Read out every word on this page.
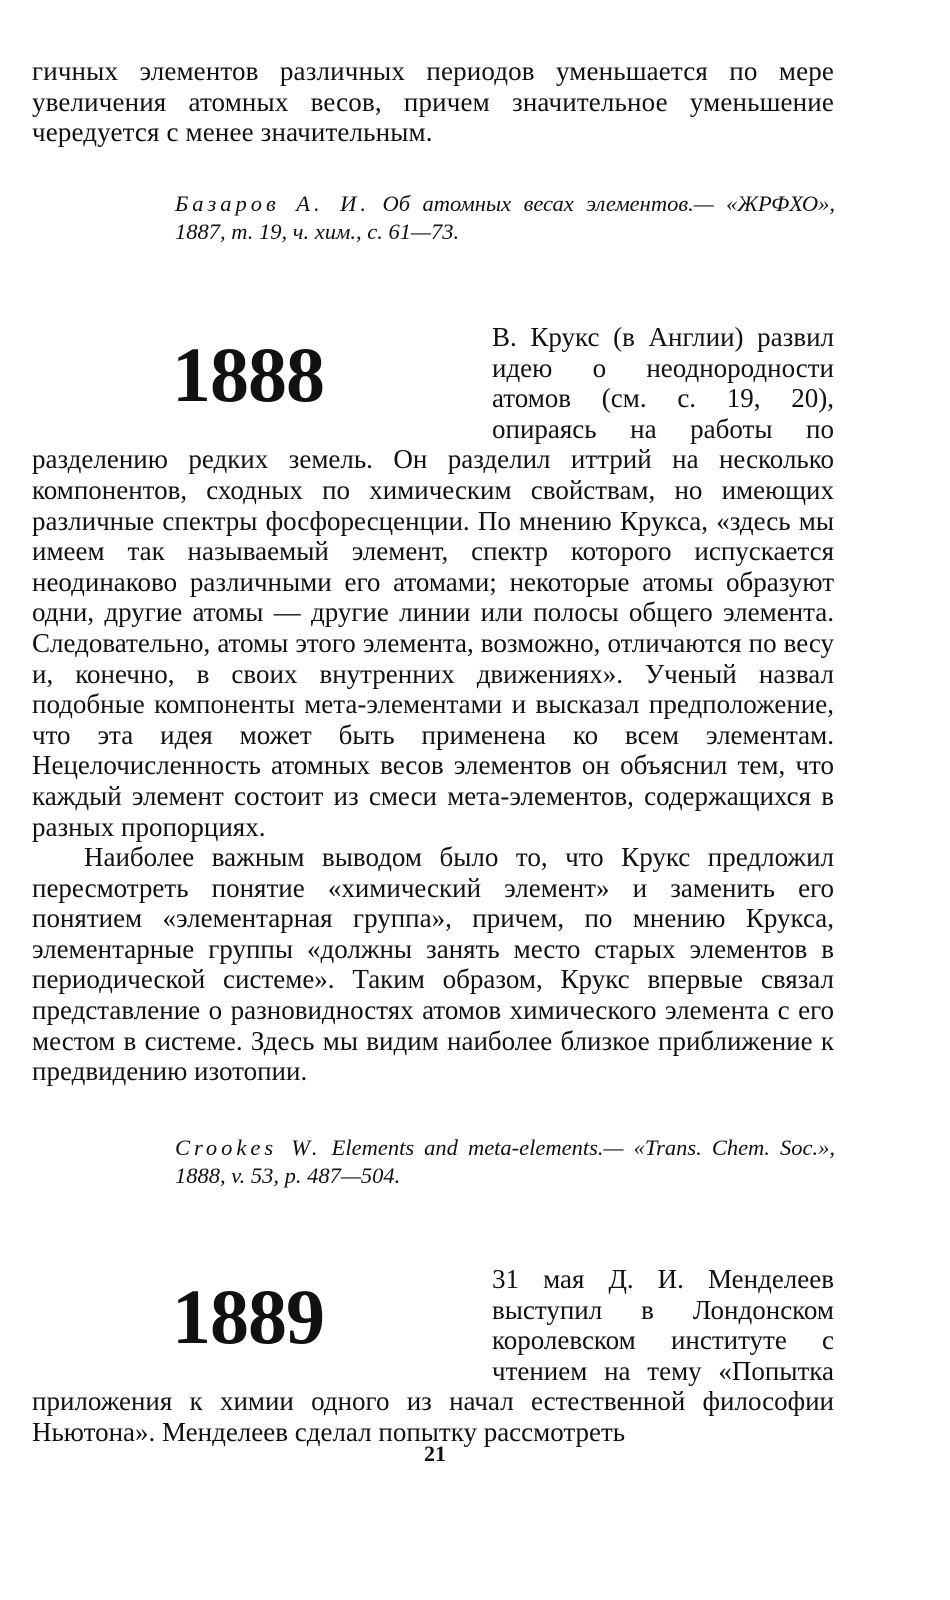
гичных элементов различных периодов уменьшается по мере увеличения атомных весов, причем значительное уменьшение чередуется с менее значительным.

Базаров А. И. Об атомных весах элементов.— «ЖРФХО», 1887, т. 19, ч. хим., с. 61—73.

1888	В. Крукс (в Англии) развил идею о неоднородности атомов (см. с. 19, 20), опираясь на работы по разделению редких земель. Он разделил иттрий на несколько компонентов, сходных по химическим свойствам, но имеющих различные спектры фосфоресценции. По мнению Крукса, «здесь мы имеем так называемый элемент, спектр которого испускается неодинаково различными его атомами; некоторые атомы образуют одни, другие атомы — другие линии или полосы общего элемента. Следовательно, атомы этого элемента, возможно, отличаются по весу и, конечно, в своих внутренних движениях». Ученый назвал подобные компоненты мета-элементами и высказал предположение, что эта идея может быть применена ко всем элементам. Нецелочисленность атомных весов элементов он объяснил тем, что каждый элемент состоит из смеси мета-элементов, содержащихся в разных пропорциях.

Наиболее важным выводом было то, что Крукс предложил пересмотреть понятие «химический элемент» и заменить его понятием «элементарная группа», причем, по мнению Крукса, элементарные группы «должны занять место старых элементов в периодической системе». Таким образом, Крукс впервые связал представление о разновидностях атомов химического элемента с его местом в системе. Здесь мы видим наиболее близкое приближение к предвидению изотопии.

Crookes W. Elements and meta-elements.— «Trans. Chem. Soc.», 1888, v. 53, p. 487—504.

1889	31 мая Д. И. Менделеев выступил в Лондонском королевском институте с чтением на тему «Попытка приложения к химии одного из начал естественной философии Ньютона». Менделеев сделал попытку рассмотреть

21
